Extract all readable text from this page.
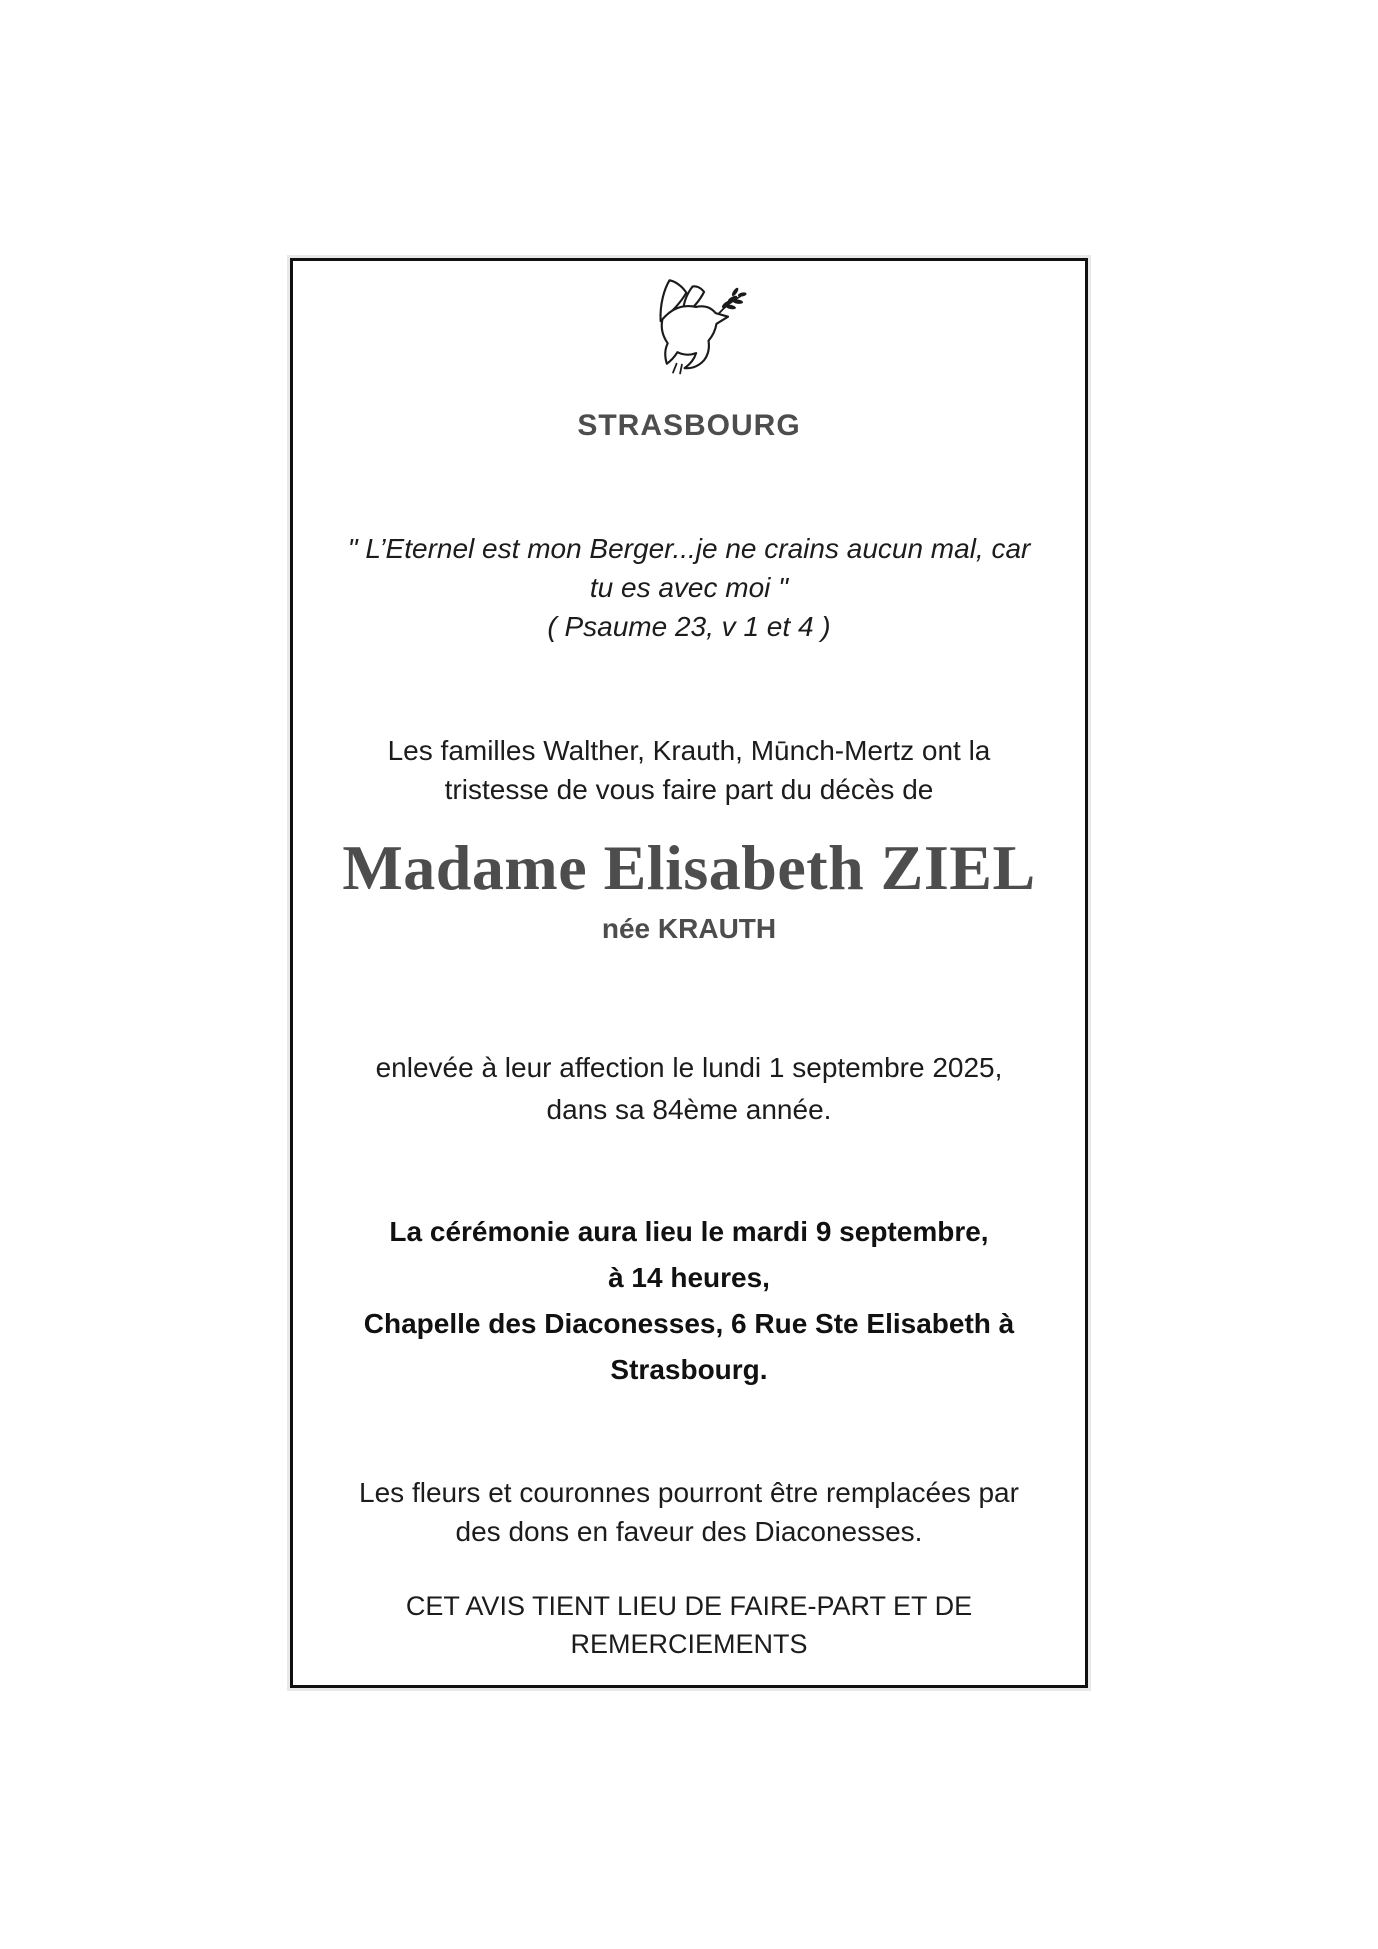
STRASBOURG
" L’Eternel est mon Berger...je ne crains aucun mal, car
tu es avec moi "
( Psaume 23, v 1 et 4 )
Les familles Walther, Krauth, Mūnch-Mertz ont la
tristesse de vous faire part du décès de
Madame Elisabeth ZIEL
née KRAUTH
enlevée à leur affection le lundi 1 septembre 2025,
dans sa 84ème année.
La cérémonie aura lieu le mardi 9 septembre,
à 14 heures,
Chapelle des Diaconesses, 6 Rue Ste Elisabeth à
Strasbourg.
Les fleurs et couronnes pourront être remplacées par
des dons en faveur des Diaconesses.
CET AVIS TIENT LIEU DE FAIRE-PART ET DE
REMERCIEMENTS
